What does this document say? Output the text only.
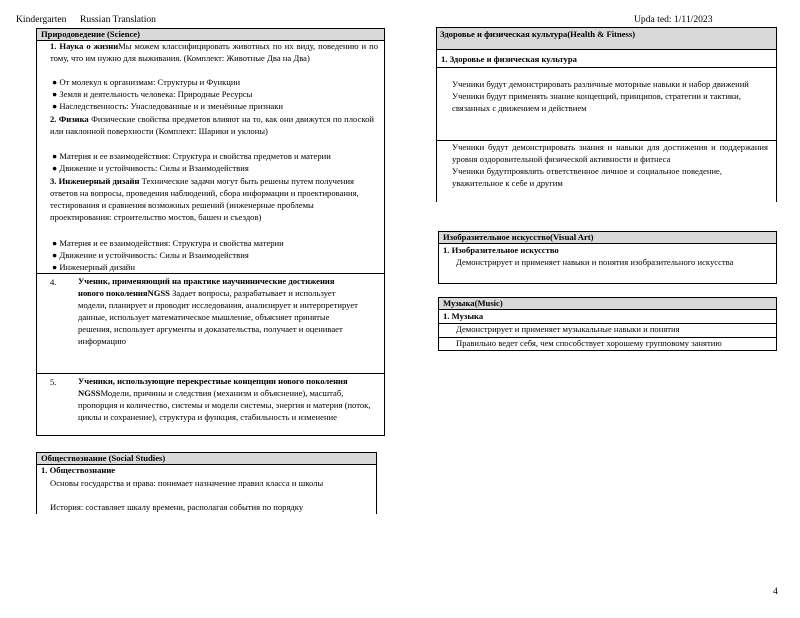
Kindergarten Russian Translation	Upda ted: 1/11/2023
Природоведение (Science)
1. Наука о жизниМы можем классифицировать животных по их виду, поведению и по тому, что им нужно для выживания. (Комплект: Животные Два на Два)
● От молекул к организмам: Структуры и Функции
● Земля и деятельность человека: Природные Ресурсы
● Наследственность: Унаследованные и и зменённые признаки
2. Физика Физические свойства предметов влияют на то, как они движутся по плоской или наклонной поверхности (Комплект: Шарики и уклоны)
● Материя и ее взаимодействия: Структура и свойства предметов и материи
● Движение и устойчивость: Силы и Взаимодействия
3. Инженерный дизайн Технические задачи могут быть решены путем получения ответов на вопросы, проведения наблюдений, сбора информации и проектирования, тестирования и сравнения возможных решений (инженерные проблемы проектирования: строительство мостов, башен и съездов)
● Материя и ее взаимодействия: Структура и свойства материи
● Движение и устойчивость: Силы и Взаимодействия
● Инженерный дизайн
4.	Ученик, применяющий на практике научнинические достижения нового поколенияNGSS Задает вопросы, разрабатывает и использует модели, планирует и проводит исследования, анализирует и интерпретирует данные, использует математическое мышление, объясняет принятые решения, использует аргументы и доказательства, получает и оценивает информацию
5.	Ученики, использующие перекрестные концепции нового поколения NGSSМодели, причины и следствия (механизм и объяснение), масштаб, пропорция и количество, системы и модели системы, энергия и материя (поток, циклы и сохранение), структура и функция, стабильность и изменение
Обществознание (Social Studies)
1. Обществознание
Основы государства и права: понимает назначение правил класса и школы
История: составляет шкалу времени, располагая события по порядку
Здоровье и физическая культура(Health & Fitness)
1. Здоровье и физическая культура
Ученики будут демонстрировать различные моторные навыки и набор движений
Ученики будут применять знание концепций, принципов, стратегии и тактики, связанных с движением и действием
Ученики будут демонстрировать знания и навыки для достижения и поддержания уровня оздоровительной физической активности и фитнеса
Ученики будутпроявлять ответственное личное и социальное поведение, уважительное к себе и другим
Изобразительное искусство(Visual Art)
1. Изобразительное искусство
Демонстрирует и применяет навыки и понятия изобразительного искусства
Музыка(Music)
1. Музыка
Демонстрирует и применяет музыкальные навыки и понятия
Правильно ведет себя, чем способствует хорошему групповому занятию
4
